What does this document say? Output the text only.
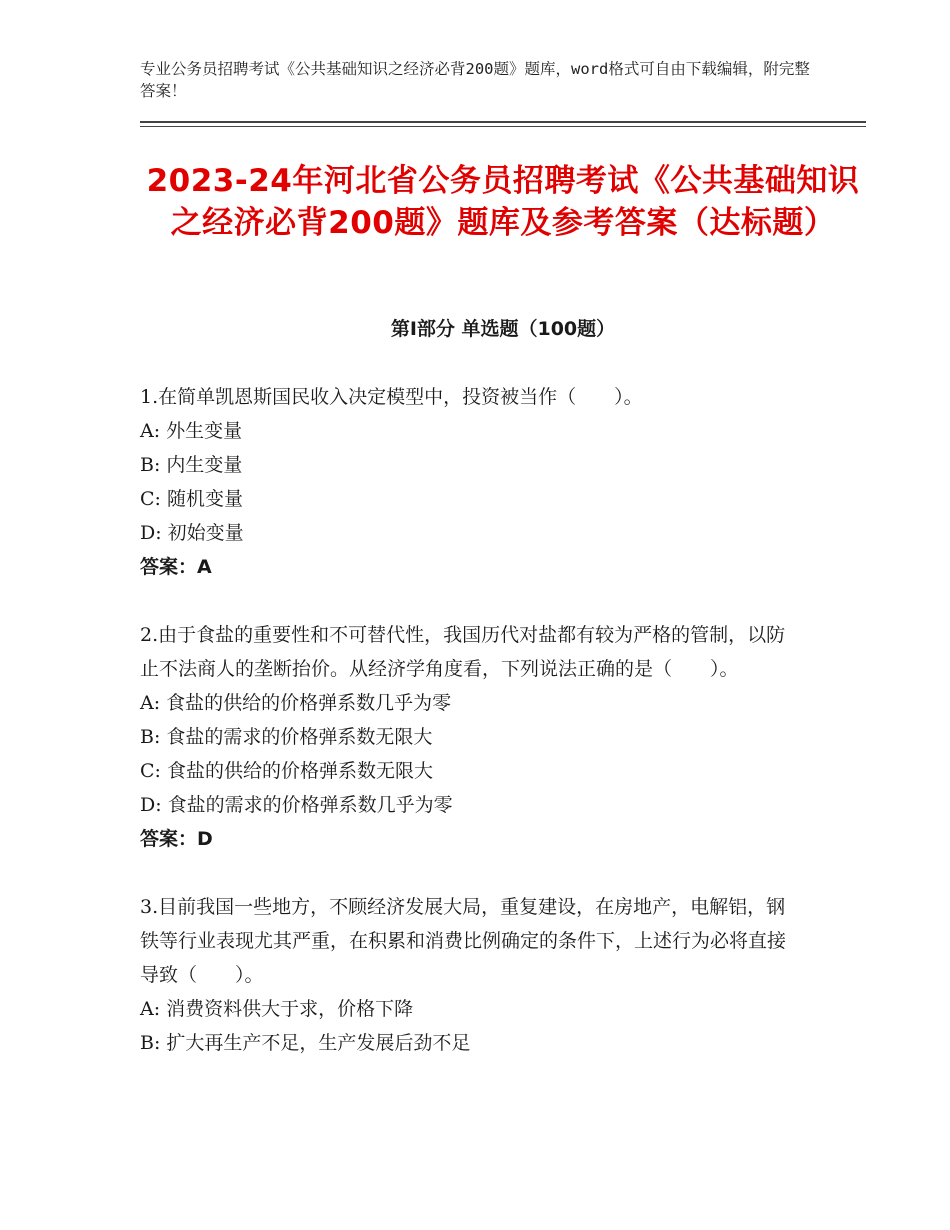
专业公务员招聘考试《公共基础知识之经济必背200题》题库，word格式可自由下载编辑，附完整答案！
2023-24年河北省公务员招聘考试《公共基础知识之经济必背200题》题库及参考答案（达标题）
第Ⅰ部分 单选题（100题）
1.在简单凯恩斯国民收入决定模型中，投资被当作（　　）。
A: 外生变量
B: 内生变量
C: 随机变量
D: 初始变量
答案：A
2.由于食盐的重要性和不可替代性，我国历代对盐都有较为严格的管制，以防止不法商人的垄断抬价。从经济学角度看，下列说法正确的是（　　）。
A: 食盐的供给的价格弹系数几乎为零
B: 食盐的需求的价格弹系数无限大
C: 食盐的供给的价格弹系数无限大
D: 食盐的需求的价格弹系数几乎为零
答案：D
3.目前我国一些地方，不顾经济发展大局，重复建设，在房地产，电解铝，钢铁等行业表现尤其严重，在积累和消费比例确定的条件下，上述行为必将直接导致（　　）。
A: 消费资料供大于求，价格下降
B: 扩大再生产不足，生产发展后劲不足
